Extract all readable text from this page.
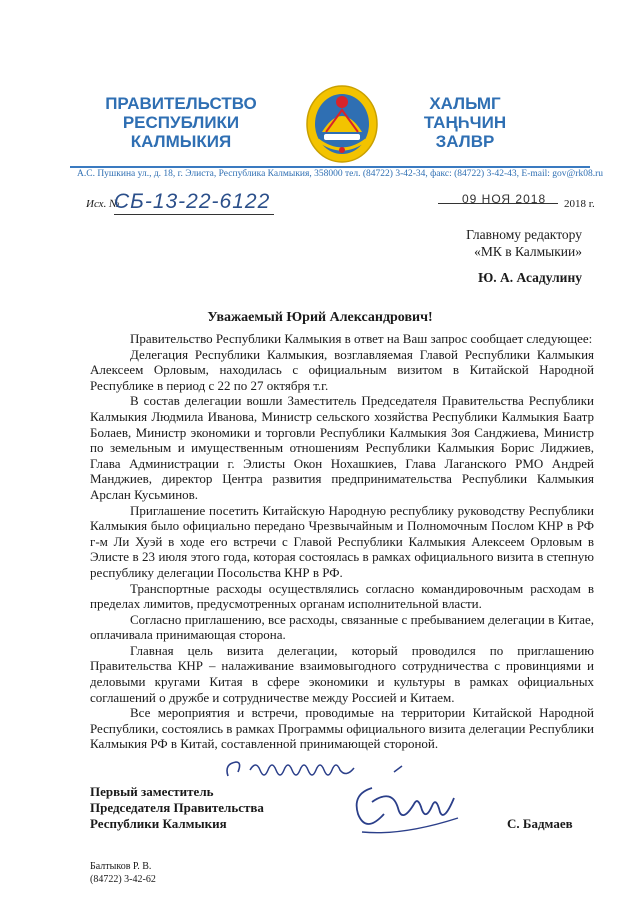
ПРАВИТЕЛЬСТВО
РЕСПУБЛИКИ
КАЛМЫКИЯ
ХАЛЬМГ
ТАҢҺЧИН
ЗАЛВР
А.С. Пушкина ул., д. 18, г. Элиста, Республика Калмыкия, 358000 тел. (84722) 3-42-34, факс: (84722) 3-42-43, E-mail: gov@rk08.ru
Исх. №
СБ-13-22-6122	09 НОЯ 2018 2018 г.
Главному редактору
«МК в Калмыкии»
Ю. А. Асадулину
Уважаемый Юрий Александрович!

Правительство Республики Калмыкия в ответ на Ваш запрос сообщает следующее:

Делегация Республики Калмыкия, возглавляемая Главой Республики Калмыкия Алексеем Орловым, находилась с официальным визитом в Китайской Народной Республике в период с 22 по 27 октября т.г.

В состав делегации вошли Заместитель Председателя Правительства Республики Калмыкия Людмила Иванова, Министр сельского хозяйства Республики Калмыкия Баатр Болаев, Министр экономики и торговли Республики Калмыкия Зоя Санджиева, Министр по земельным и имущественным отношениям Республики Калмыкия Борис Лиджиев, Глава Администрации г. Элисты Окон Нохашкиев, Глава Лаганского РМО Андрей Манджиев, директор Центра развития предпринимательства Республики Калмыкия Арслан Кусьминов.

Приглашение посетить Китайскую Народную республику руководству Республики Калмыкия было официально передано Чрезвычайным и Полномочным Послом КНР в РФ г-м Ли Хуэй в ходе его встречи с Главой Республики Калмыкия Алексеем Орловым в Элисте в 23 июля этого года, которая состоялась в рамках официального визита в степную республику делегации Посольства КНР в РФ.

Транспортные расходы осуществлялись согласно командировочным расходам в пределах лимитов, предусмотренных органам исполнительной власти.

Согласно приглашению, все расходы, связанные с пребыванием делегации в Китае, оплачивала принимающая сторона.

Главная цель визита делегации, который проводился по приглашению Правительства КНР – налаживание взаимовыгодного сотрудничества с провинциями и деловыми кругами Китая в сфере экономики и культуры в рамках официальных соглашений о дружбе и сотрудничестве между Россией и Китаем.

Все мероприятия и встречи, проводимые на территории Китайской Народной Республики, состоялись в рамках Программы официального визита делегации Республики Калмыкия РФ в Китай, составленной принимающей стороной.

Первый заместитель
Председателя Правительства
Республики Калмыкия	С. Бадмаев
Балтыков Р. В.
(84722) 3-42-62
